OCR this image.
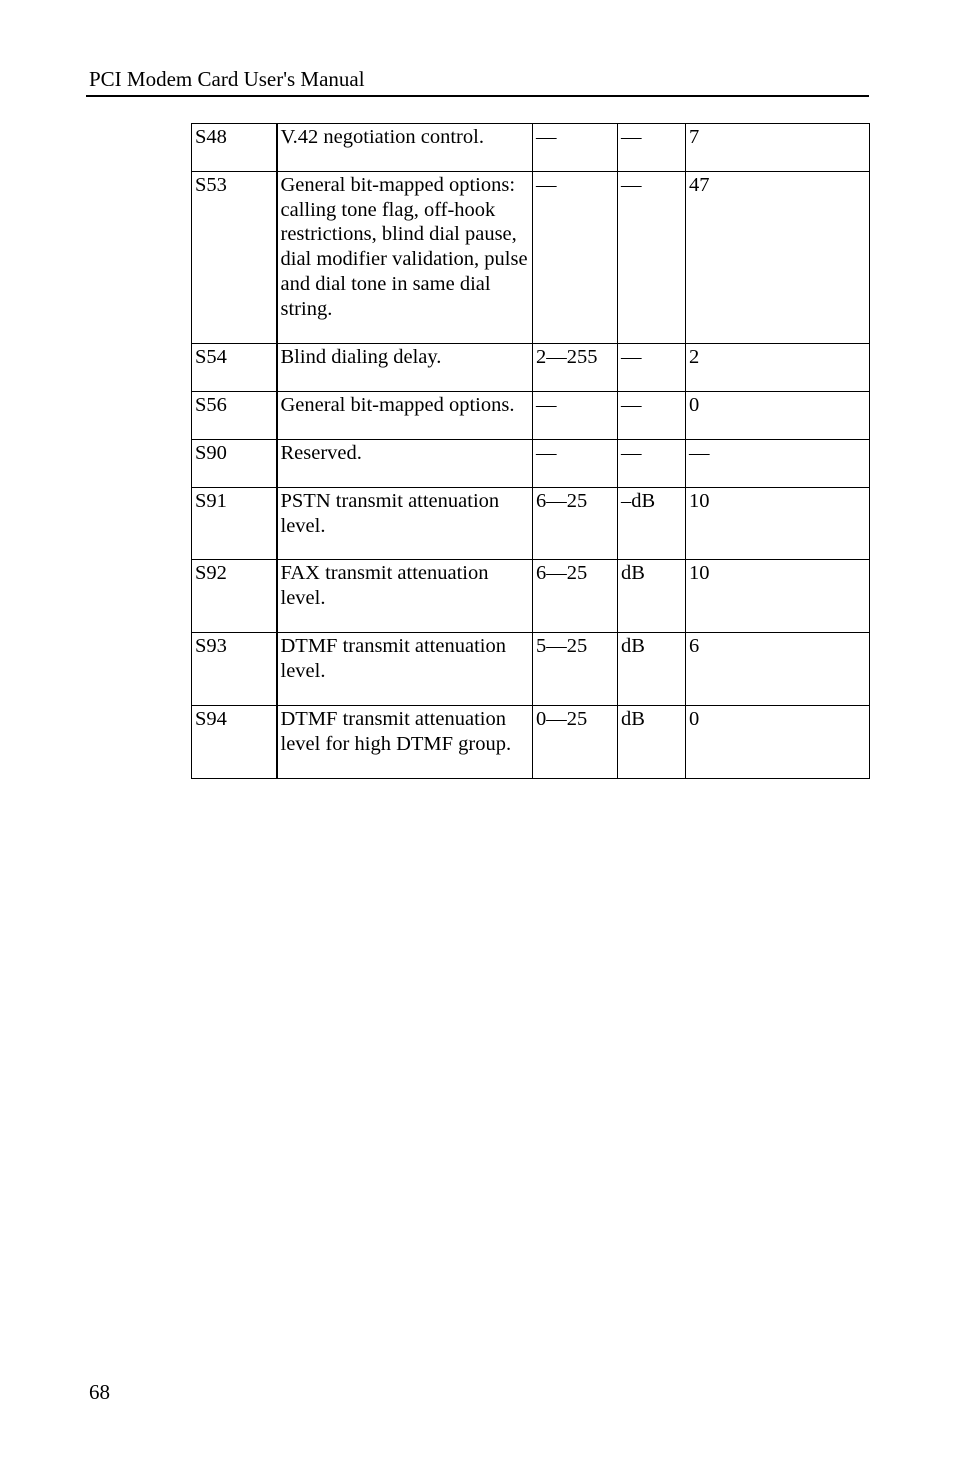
PCI Modem Card User's Manual
S48	V.42 negotiation control.	—	—	7
S53	General bit-mapped options: calling tone flag, off-hook restrictions, blind dial pause, dial modifier validation, pulse and dial tone in same dial string.	—	—	47
S54	Blind dialing delay.	2—255	—	2
S56	General bit-mapped options.	—	—	0
S90	Reserved.	—	—	—
S91	PSTN transmit attenuation level.	6—25	–dB	10
S92	FAX transmit attenuation level.	6—25	dB	10
S93	DTMF transmit attenuation level.	5—25	dB	6
S94	DTMF transmit attenuation level for high DTMF group.	0—25	dB	0
68
